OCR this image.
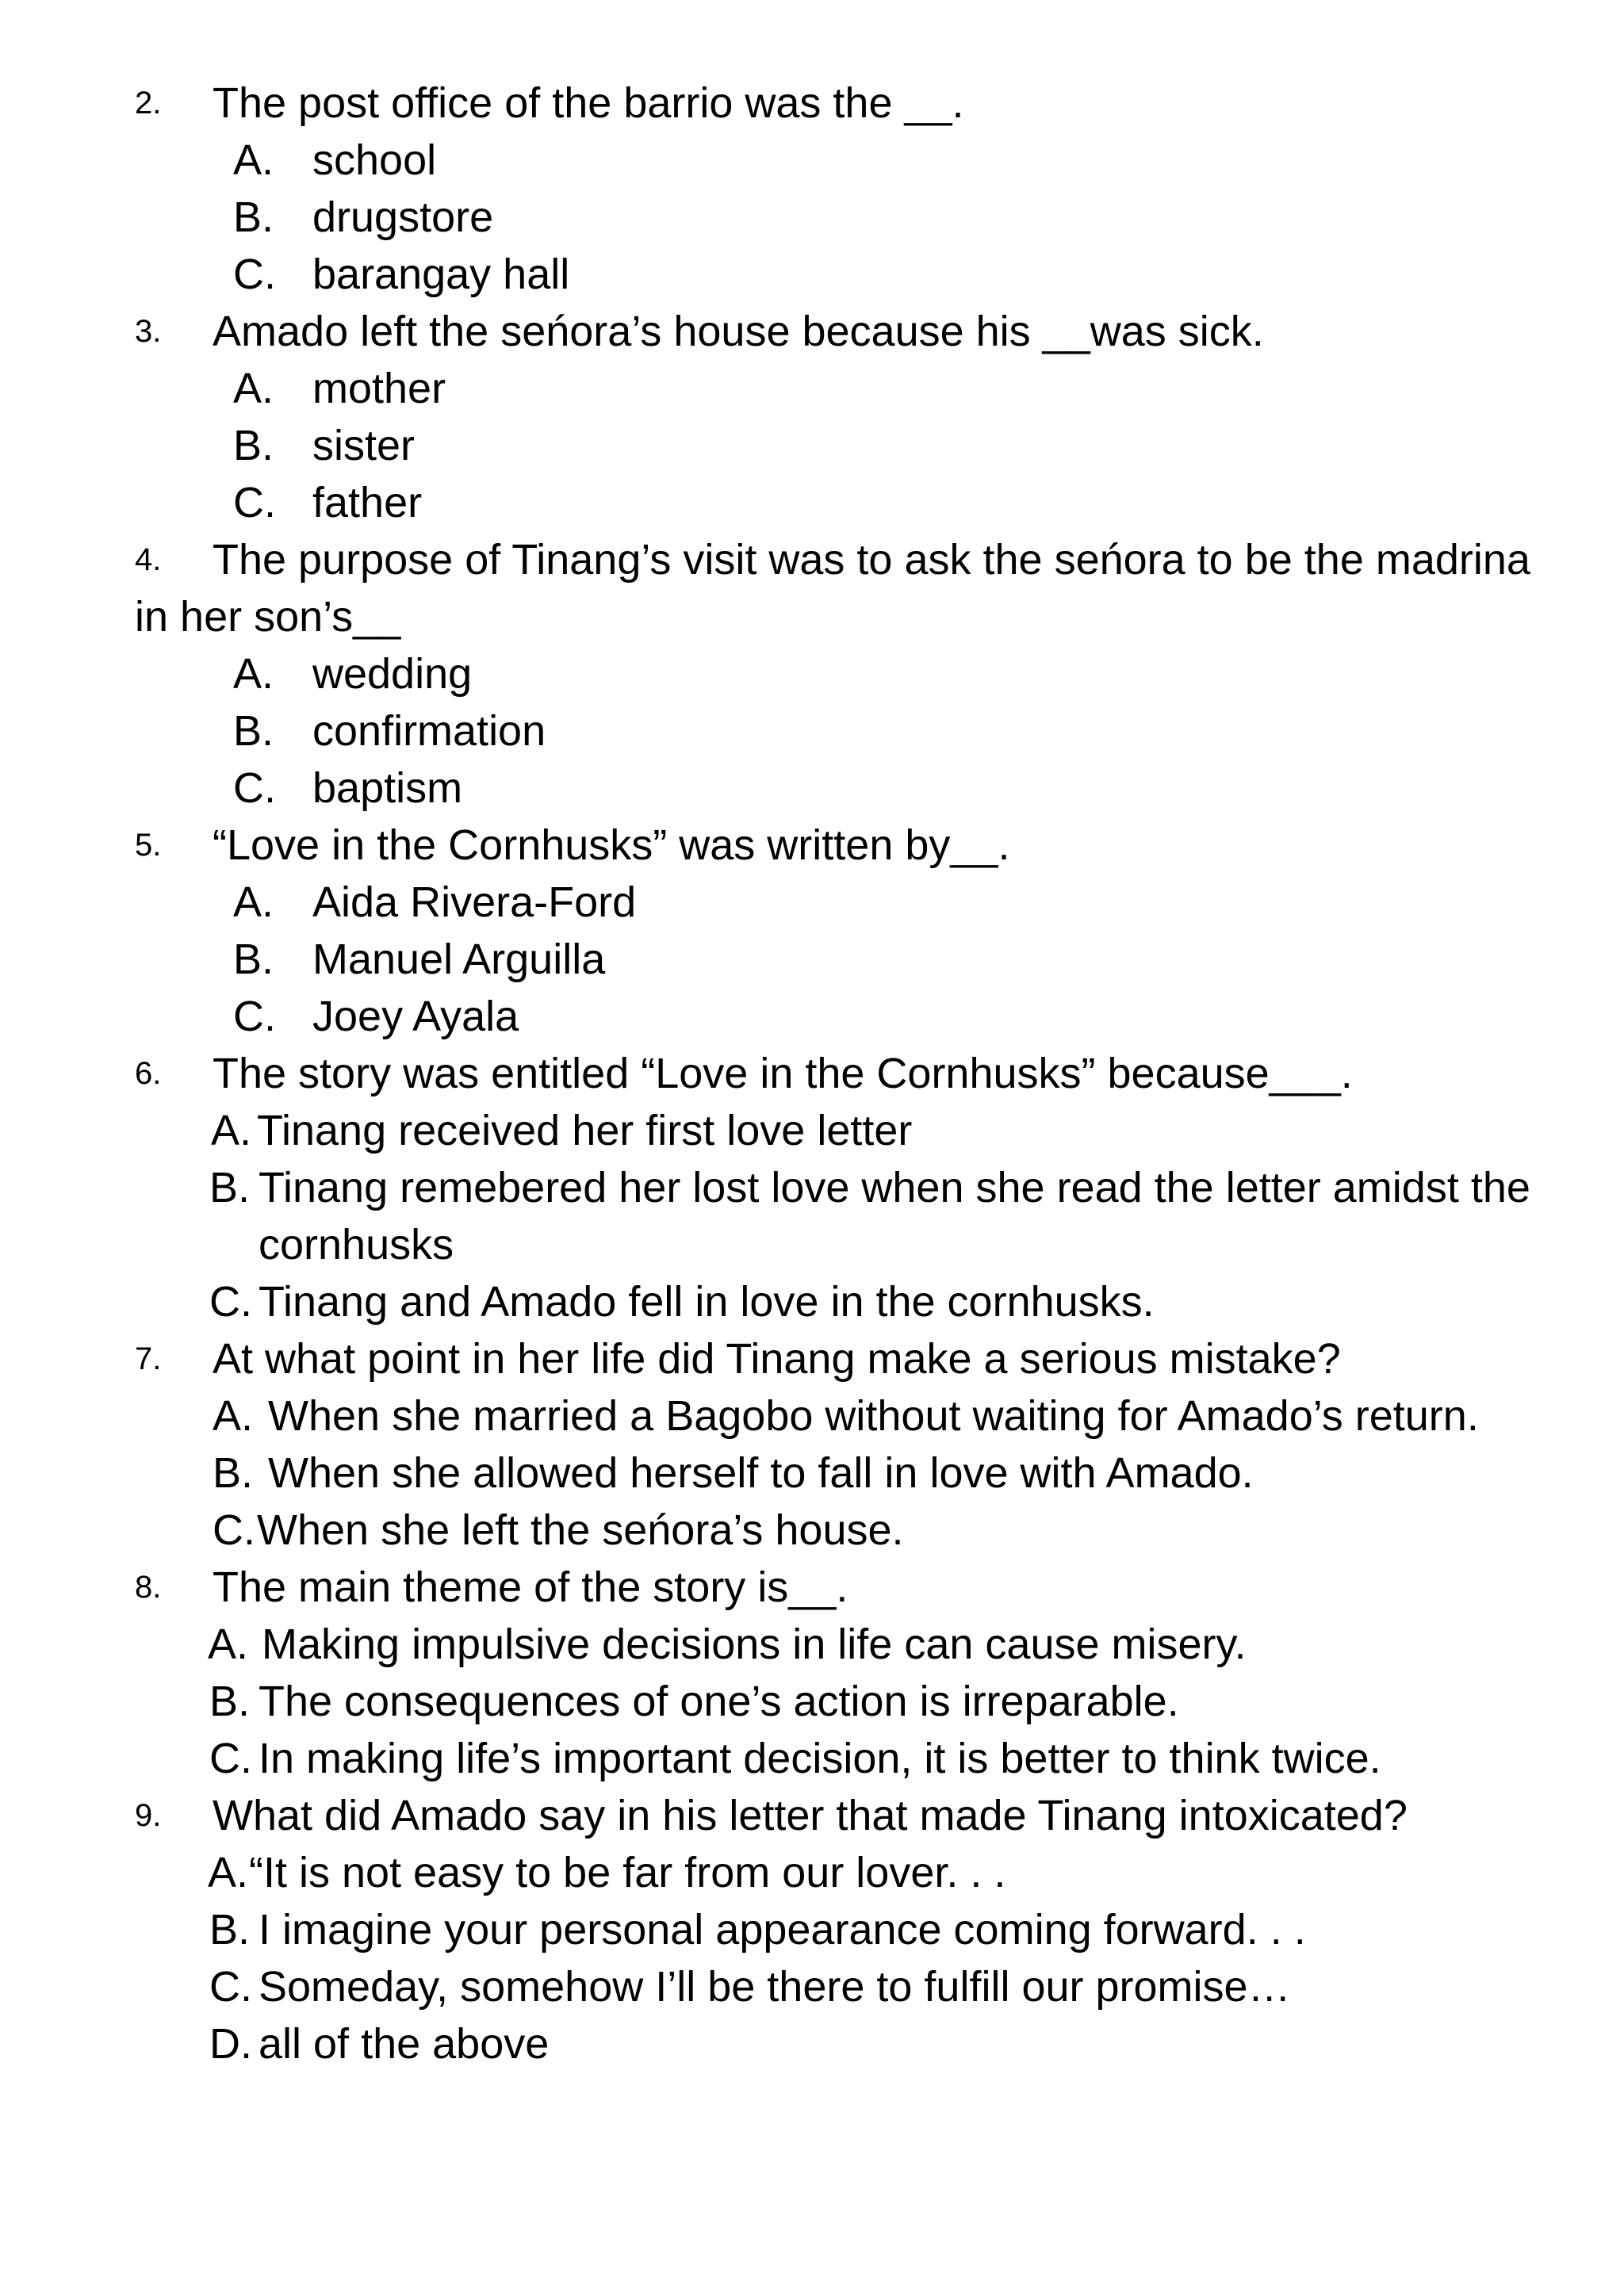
2. The post office of the barrio was the __.
A. school
B. drugstore
C. barangay hall
3. Amado left the seńora’s house because his __was sick.
A. mother
B. sister
C. father
4. The purpose of Tinang’s visit was to ask the seńora to be the madrina
in her son’s__
A. wedding
B. confirmation
C. baptism
5. “Love in the Cornhusks” was written by__.
A. Aida Rivera-Ford
B. Manuel Arguilla
C. Joey Ayala
6. The story was entitled “Love in the Cornhusks” because___.
A. Tinang received her first love letter
B. Tinang remebered her lost love when she read the letter amidst the
cornhusks
C. Tinang and Amado fell in love in the cornhusks.
7. At what point in her life did Tinang make a serious mistake?
A. When she married a Bagobo without waiting for Amado’s return.
B. When she allowed herself to fall in love with Amado.
C. When she left the seńora’s house.
8. The main theme of the story is__.
A. Making impulsive decisions in life can cause misery.
B. The consequences of one’s action is irreparable.
C. In making life’s important decision, it is better to think twice.
9. What did Amado say in his letter that made Tinang intoxicated?
A. “It is not easy to be far from our lover. . .
B. I imagine your personal appearance coming forward. . .
C. Someday, somehow I’ll be there to fulfill our promise…
D. all of the above
